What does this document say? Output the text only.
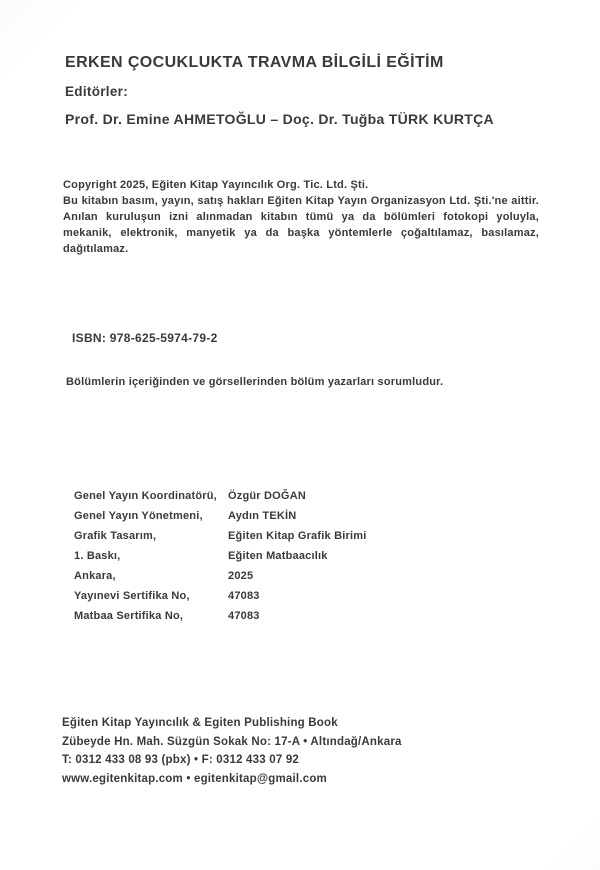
ERKEN ÇOCUKLUKTA TRAVMA BİLGİLİ EĞİTİM
Editörler:
Prof. Dr. Emine AHMETOĞLU – Doç. Dr. Tuğba TÜRK KURTÇA
Copyright 2025, Eğiten Kitap Yayıncılık Org. Tic. Ltd. Şti.
Bu kitabın basım, yayın, satış hakları Eğiten Kitap Yayın Organizasyon Ltd. Şti.'ne aittir. Anılan kuruluşun izni alınmadan kitabın tümü ya da bölümleri fotokopi yoluyla, mekanik, elektronik, manyetik ya da başka yöntemlerle çoğaltılamaz, basılamaz, dağıtılamaz.
ISBN: 978-625-5974-79-2
Bölümlerin içeriğinden ve görsellerinden bölüm yazarları sorumludur.
Genel Yayın Koordinatörü,	Özgür DOĞAN
Genel Yayın Yönetmeni,	Aydın TEKİN
Grafik Tasarım,	Eğiten Kitap Grafik Birimi
1. Baskı,	Eğiten Matbaacılık
Ankara,	2025
Yayınevi Sertifika No,	47083
Matbaa Sertifika No,	47083
Eğiten Kitap Yayıncılık & Egiten Publishing Book
Zübeyde Hn. Mah. Süzgün Sokak No: 17-A • Altındağ/Ankara
T: 0312 433 08 93 (pbx) • F: 0312 433 07 92
www.egitenkitap.com • egitenkitap@gmail.com
